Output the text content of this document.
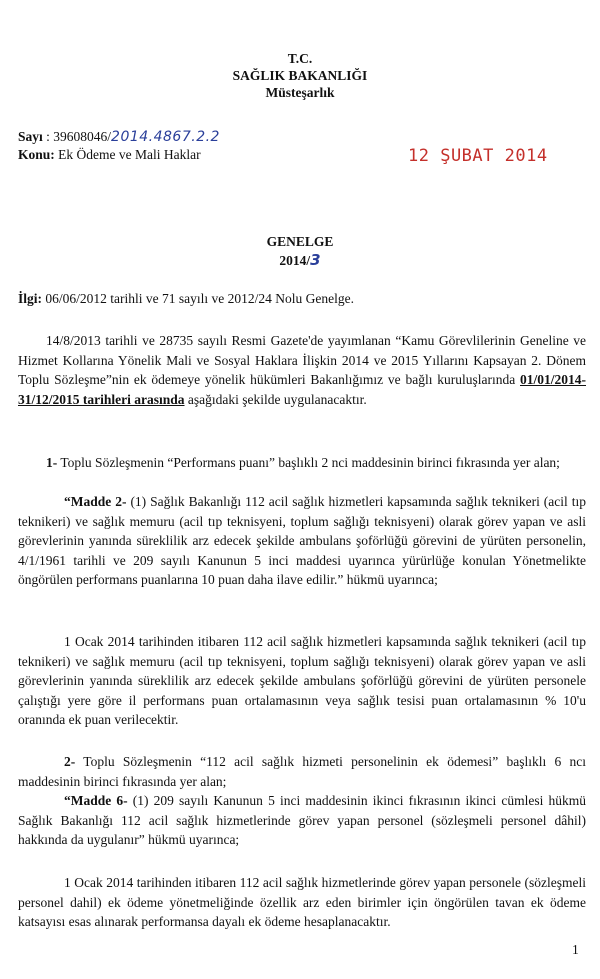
T.C.
SAĞLIK BAKANLIĞI
Müsteşarlık
Sayı : 39608046/2014.4867.2.2
Konu: Ek Ödeme ve Mali Haklar	12 ŞUBAT 2014
GENELGE
2014/3
İlgi: 06/06/2012 tarihli ve 71 sayılı ve 2012/24 Nolu Genelge.
14/8/2013 tarihli ve 28735 sayılı Resmi Gazete'de yayımlanan “Kamu Görevlilerinin Geneline ve Hizmet Kollarına Yönelik Mali ve Sosyal Haklara İlişkin 2014 ve 2015 Yıllarını Kapsayan 2. Dönem Toplu Sözleşme”nin ek ödemeye yönelik hükümleri Bakanlığımız ve bağlı kuruluşlarında 01/01/2014-31/12/2015 tarihleri arasında aşağıdaki şekilde uygulanacaktır.
1- Toplu Sözleşmenin “Performans puanı” başlıklı 2 nci maddesinin birinci fıkrasında yer alan;
“Madde 2- (1) Sağlık Bakanlığı 112 acil sağlık hizmetleri kapsamında sağlık teknikeri (acil tıp teknikeri) ve sağlık memuru (acil tıp teknisyeni, toplum sağlığı teknisyeni) olarak görev yapan ve asli görevlerinin yanında süreklilik arz edecek şekilde ambulans şoförlüğü görevini de yürüten personelin, 4/1/1961 tarihli ve 209 sayılı Kanunun 5 inci maddesi uyarınca yürürlüğe konulan Yönetmelikte öngörülen performans puanlarına 10 puan daha ilave edilir.” hükmü uyarınca;
1 Ocak 2014 tarihinden itibaren 112 acil sağlık hizmetleri kapsamında sağlık teknikeri (acil tıp teknikeri) ve sağlık memuru (acil tıp teknisyeni, toplum sağlığı teknisyeni) olarak görev yapan ve asli görevlerinin yanında süreklilik arz edecek şekilde ambulans şoförlüğü görevini de yürüten personele çalıştığı yere göre il performans puan ortalamasının veya sağlık tesisi puan ortalamasının % 10'u oranında ek puan verilecektir.
2- Toplu Sözleşmenin “112 acil sağlık hizmeti personelinin ek ödemesi” başlıklı 6 ncı maddesinin birinci fıkrasında yer alan;
“Madde 6- (1) 209 sayılı Kanunun 5 inci maddesinin ikinci fıkrasının ikinci cümlesi hükmü Sağlık Bakanlığı 112 acil sağlık hizmetlerinde görev yapan personel (sözleşmeli personel dâhil) hakkında da uygulanır” hükmü uyarınca;
1 Ocak 2014 tarihinden itibaren 112 acil sağlık hizmetlerinde görev yapan personele (sözleşmeli personel dahil) ek ödeme yönetmeliğinde özellik arz eden birimler için öngörülen tavan ek ödeme katsayısı esas alınarak performansa dayalı ek ödeme hesaplanacaktır.
1
